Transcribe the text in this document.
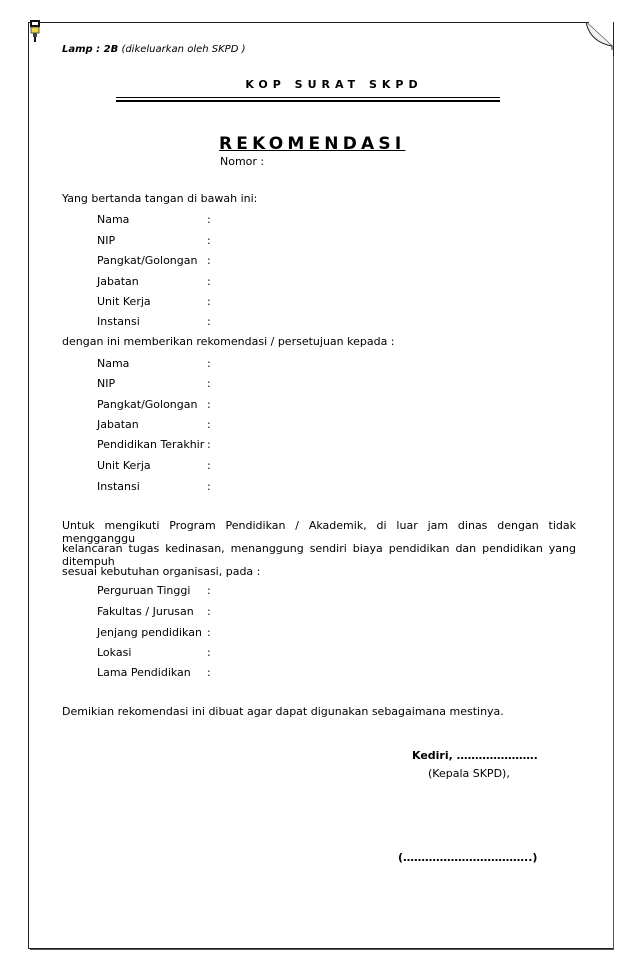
Lamp : 2B (dikeluarkan oleh SKPD )
KOP SURAT SKPD
REKOMENDASI
Nomor :
Yang bertanda tangan di bawah ini:
Nama	:
NIP	:
Pangkat/Golongan :
Jabatan	:
Unit Kerja	:
Instansi	:
dengan ini memberikan rekomendasi / persetujuan kepada :
Nama	:
NIP	:
Pangkat/Golongan :
Jabatan	:
Pendidikan Terakhir :
Unit Kerja	:
Instansi	:
Untuk mengikuti Program Pendidikan / Akademik, di luar jam dinas dengan tidak mengganggu
kelancaran tugas kedinasan, menanggung sendiri biaya pendidikan dan pendidikan yang ditempuh
sesuai kebutuhan organisasi, pada :
Perguruan Tinggi :
Fakultas / Jurusan :
Jenjang pendidikan :
Lokasi	:
Lama Pendidikan :
Demikian rekomendasi ini dibuat agar dapat digunakan sebagaimana mestinya.
Kediri, ………………….
(Kepala SKPD),
(……………………………..)
